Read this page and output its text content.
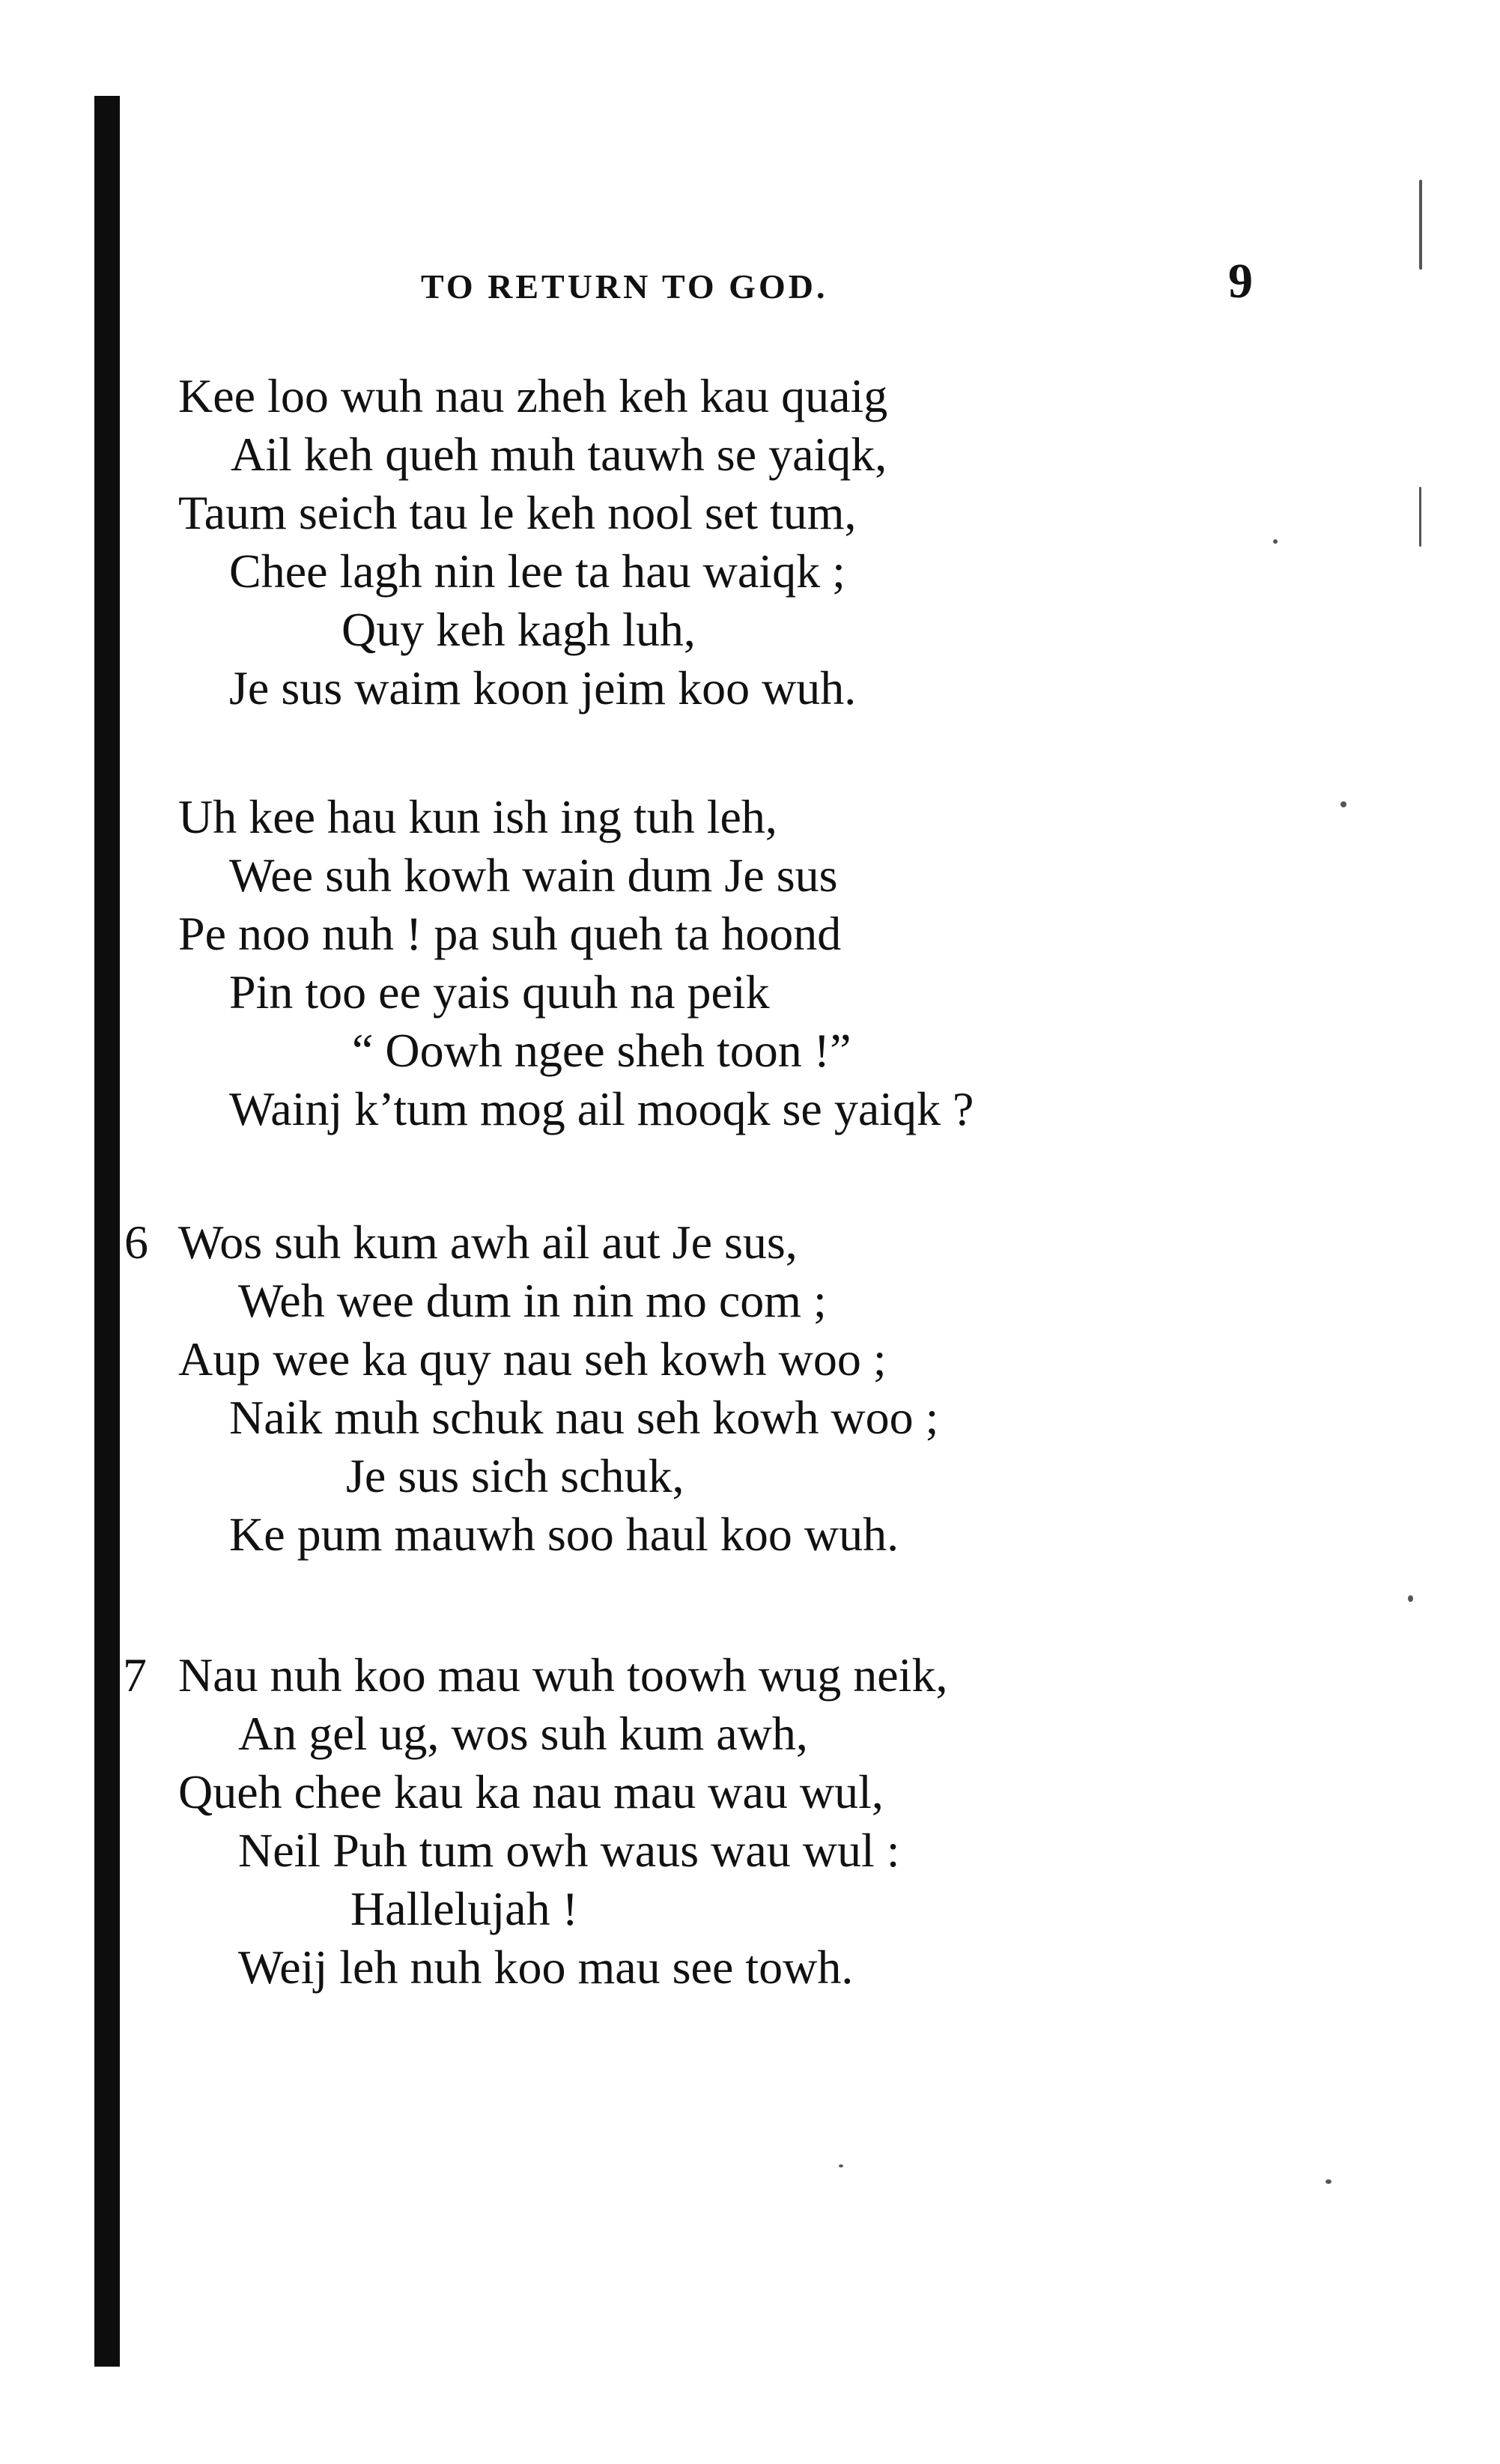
TO RETURN TO GOD.	9
Kee loo wuh nau zheh keh kau quaig
Ail keh queh muh tauwh se yaiqk,
Taum seich tau le keh nool set tum,
Chee lagh nin lee ta hau waiqk ;
Quy keh kagh luh,
Je sus waim koon jeim koo wuh.
Uh kee hau kun ish ing tuh leh,
Wee suh kowh wain dum Je sus
Pe noo nuh ! pa suh queh ta hoond
Pin too ee yais quuh na peik
“ Oowh ngee sheh toon !”
Wainj k’tum mog ail mooqk se yaiqk ?
6 Wos suh kum awh ail aut Je sus,
Weh wee dum in nin mo com ;
Aup wee ka quy nau seh kowh woo ;
Naik muh schuk nau seh kowh woo ;
Je sus sich schuk,
Ke pum mauwh soo haul koo wuh.
7 Nau nuh koo mau wuh toowh wug neik,
An gel ug, wos suh kum awh,
Queh chee kau ka nau mau wau wul,
Neil Puh tum owh waus wau wul :
Hallelujah !
Weij leh nuh koo mau see towh.
